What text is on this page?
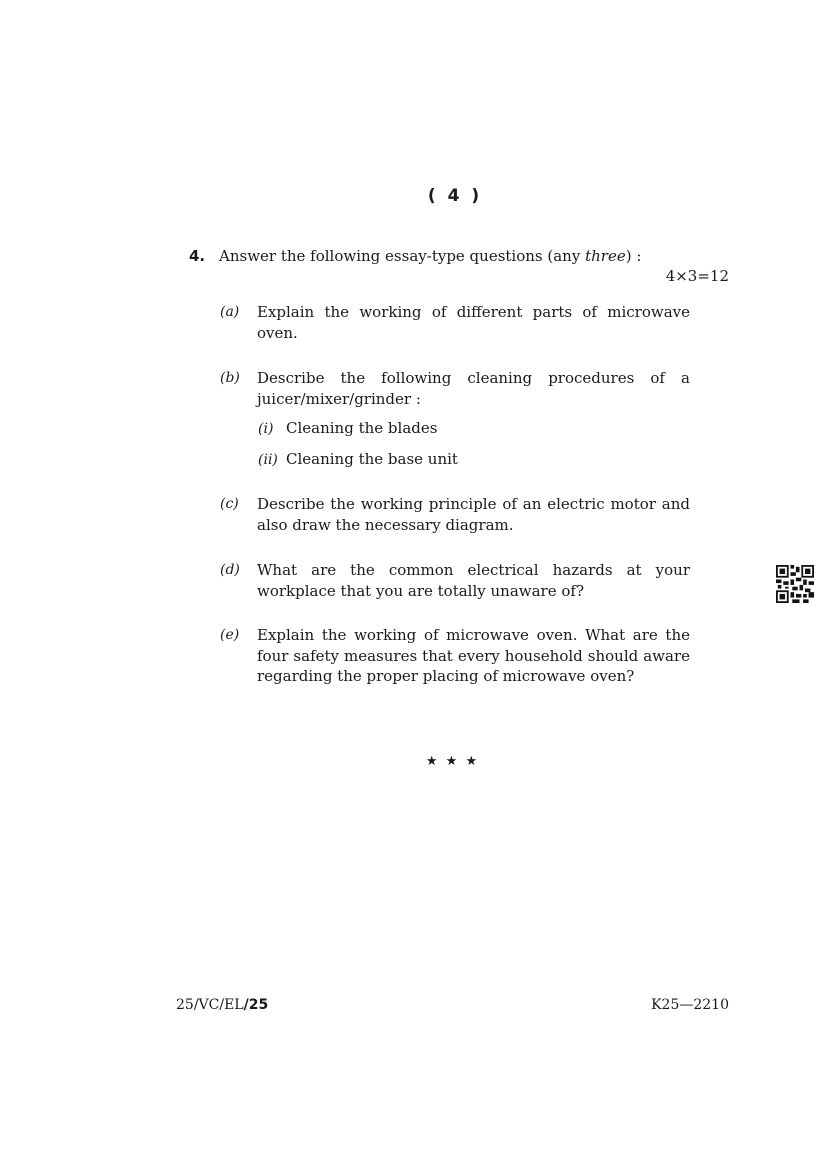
( 4 )
4. Answer the following essay-type questions (any three) :
4×3=12
(a) Explain the working of different parts of microwave oven.
(b) Describe the following cleaning procedures of a juicer/mixer/grinder :
(i) Cleaning the blades
(ii) Cleaning the base unit
(c) Describe the working principle of an electric motor and also draw the necessary diagram.
(d) What are the common electrical hazards at your workplace that you are totally unaware of?
(e) Explain the working of microwave oven. What are the four safety measures that every household should aware regarding the proper placing of microwave oven?
★ ★ ★
25/VC/EL/25	K25—2210
